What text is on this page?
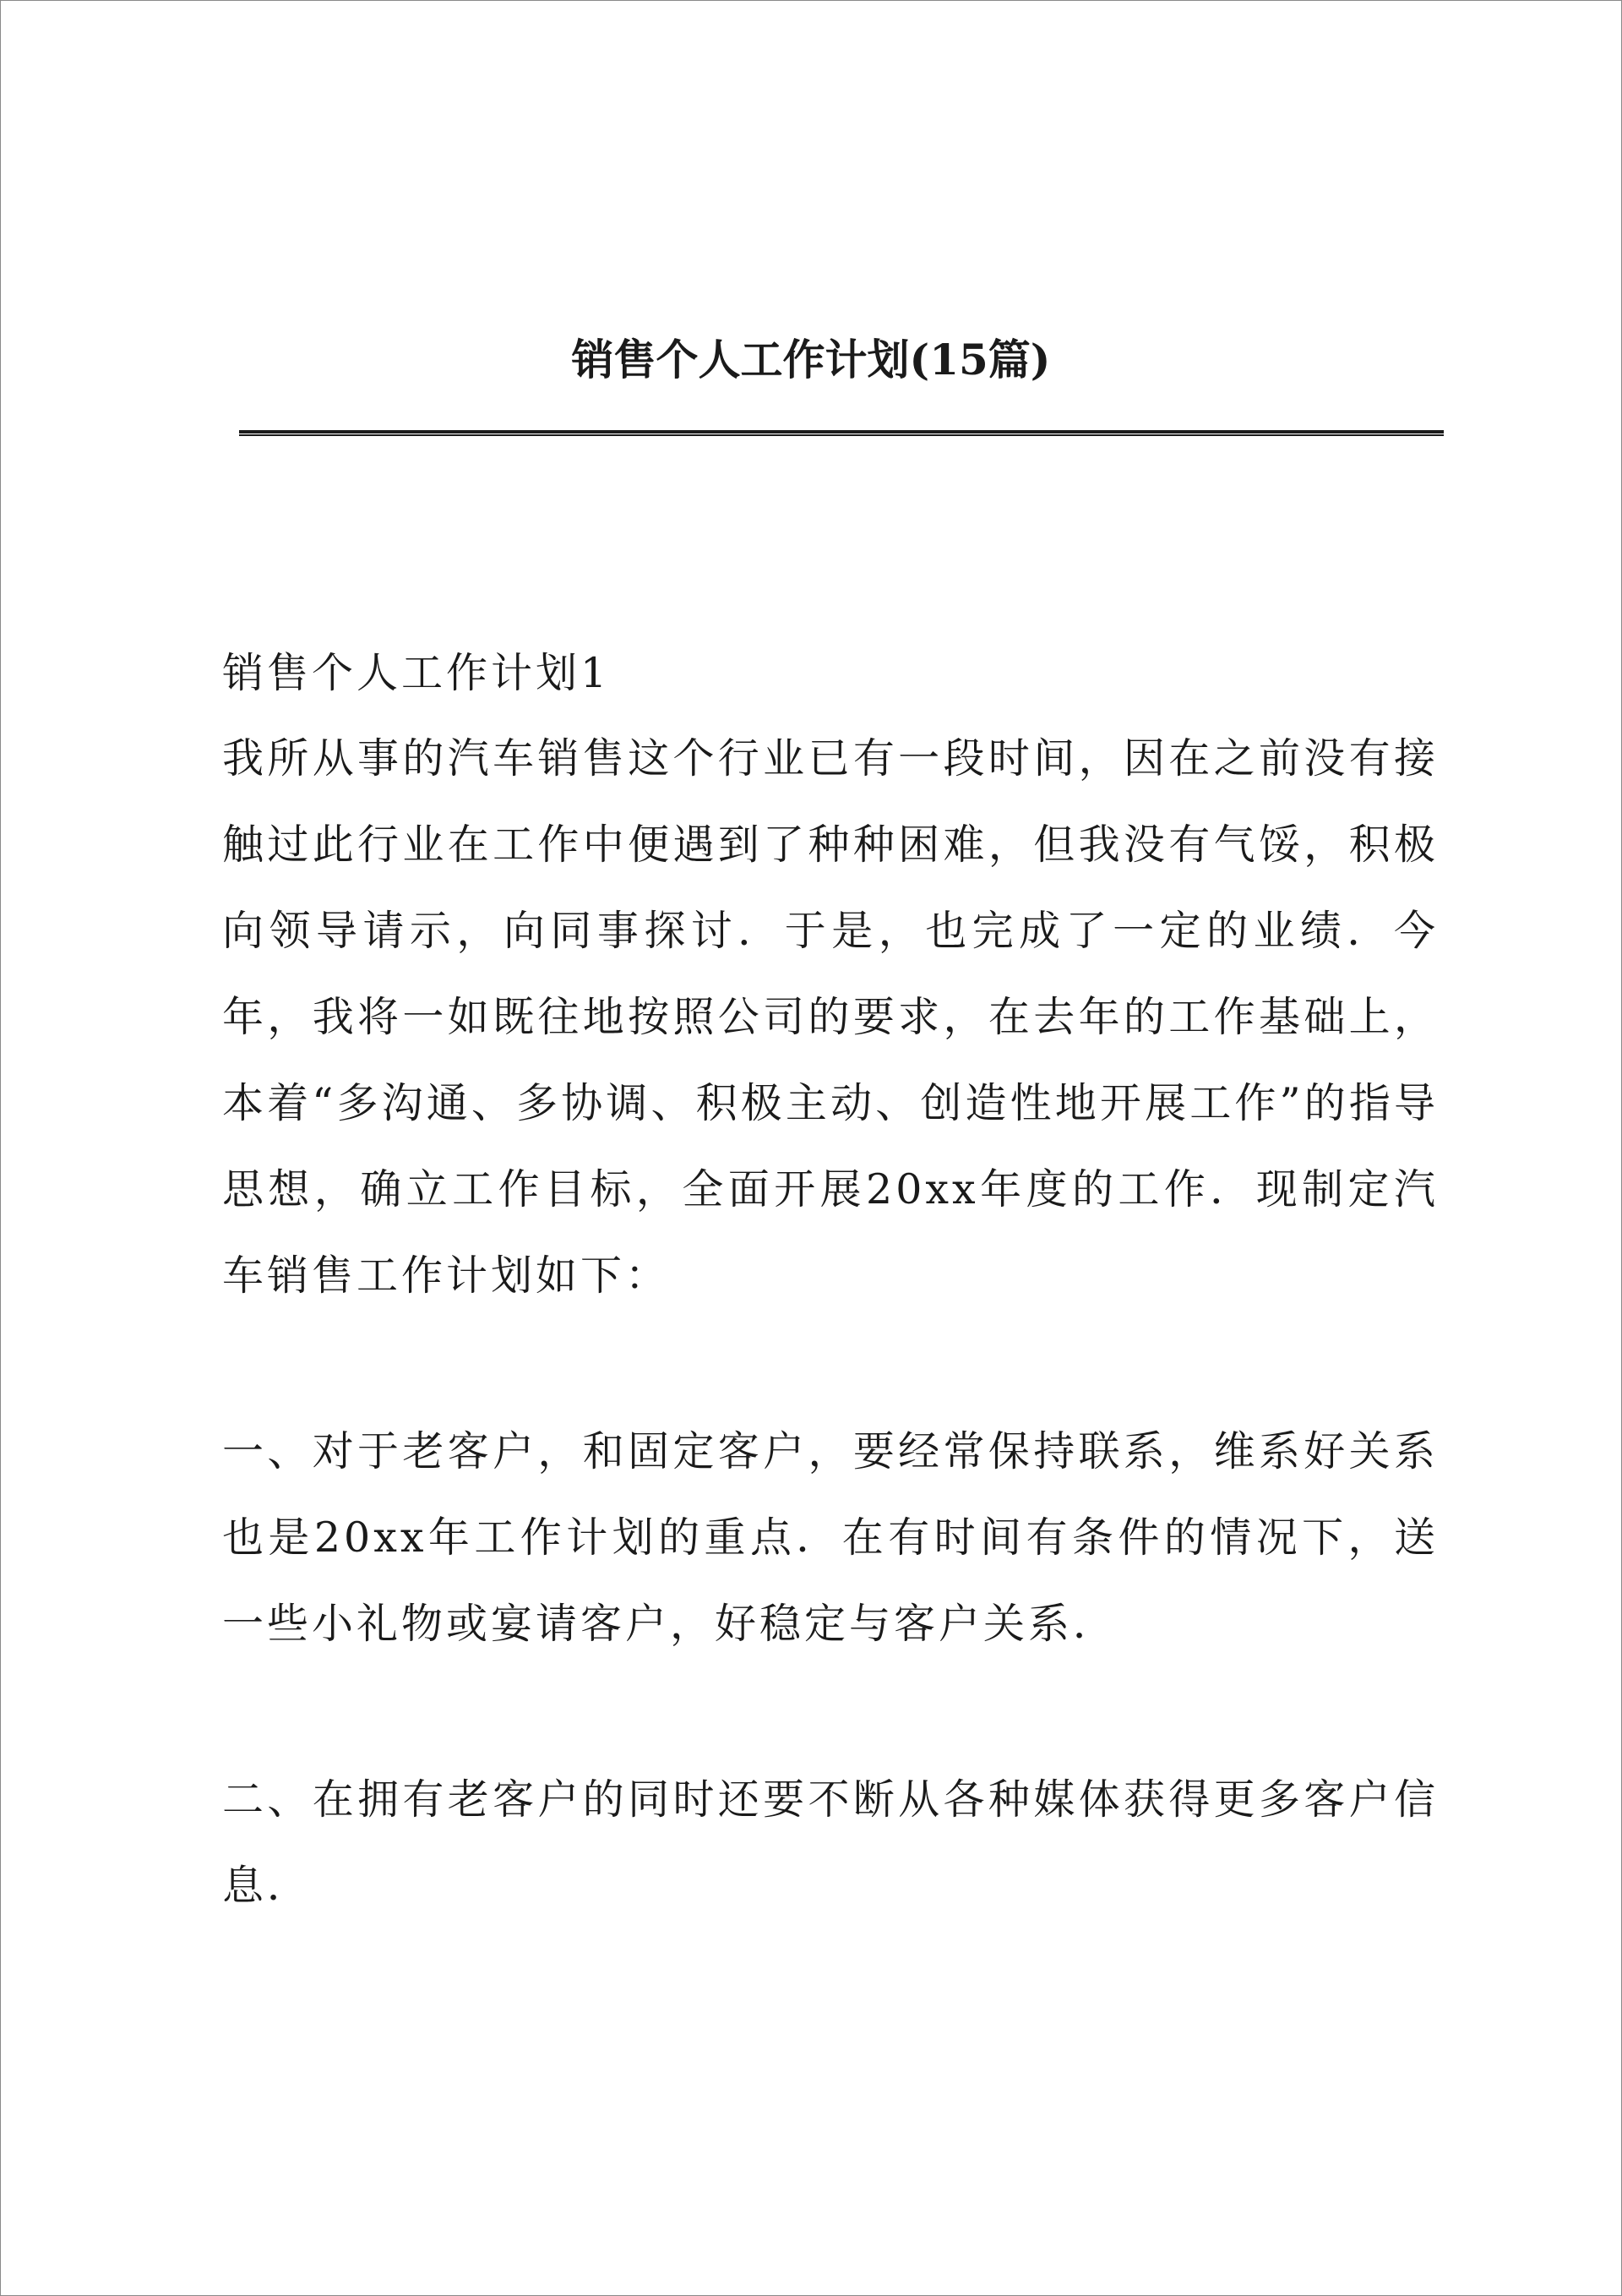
销售个人工作计划(15篇)

销售个人工作计划1

我所从事的汽车销售这个行业已有一段时间，因在之前没有接触过此行业在工作中便遇到了种种困难，但我没有气馁，积极向领导请示，向同事探讨．于是，也完成了一定的业绩．今年，我将一如既往地按照公司的要求，在去年的工作基础上，本着“多沟通、多协调、积极主动、创造性地开展工作”的指导思想，确立工作目标，全面开展20xx年度的工作．现制定汽车销售工作计划如下：

一、对于老客户，和固定客户，要经常保持联系，维系好关系也是20xx年工作计划的重点．在有时间有条件的情况下，送一些小礼物或宴请客户，好稳定与客户关系．

二、在拥有老客户的同时还要不断从各种媒体获得更多客户信息．
